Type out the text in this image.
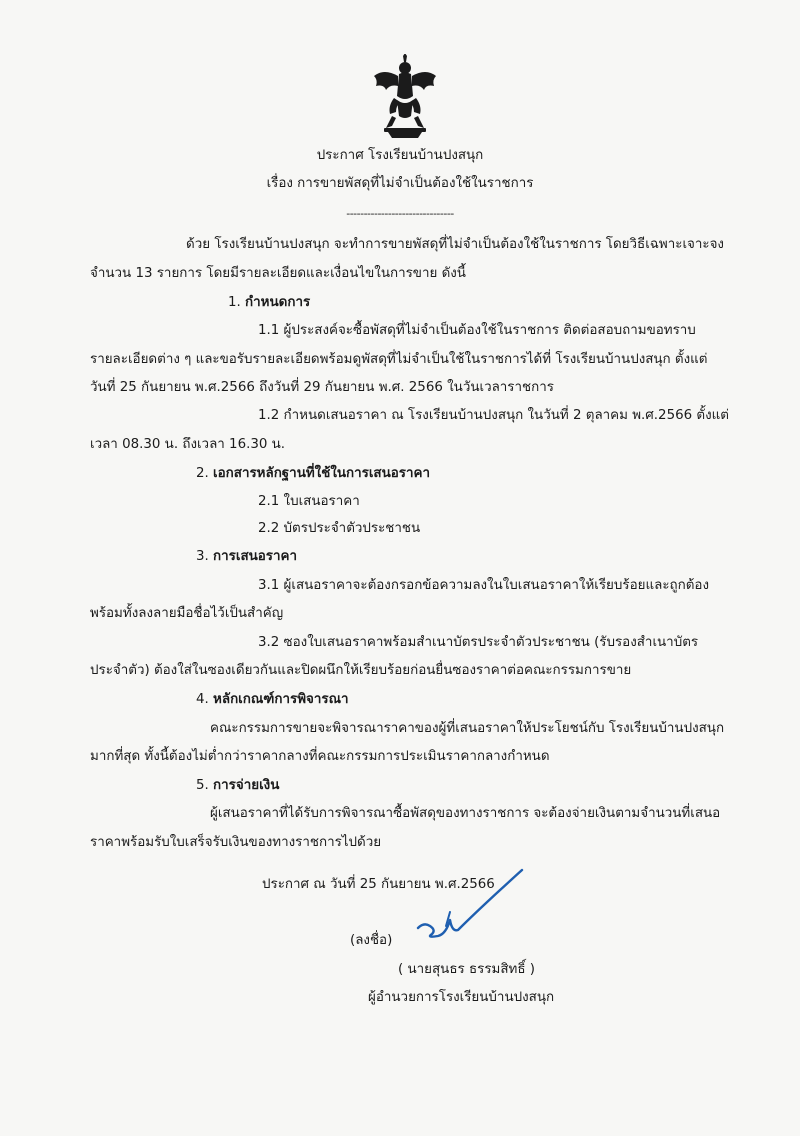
ประกาศ โรงเรียนบ้านปงสนุก
เรื่อง การขายพัสดุที่ไม่จำเป็นต้องใช้ในราชการ
-------------------------------
ด้วย โรงเรียนบ้านปงสนุก จะทำการขายพัสดุที่ไม่จำเป็นต้องใช้ในราชการ โดยวิธีเฉพาะเจาะจง
จำนวน 13 รายการ โดยมีรายละเอียดและเงื่อนไขในการขาย ดังนี้
1. กำหนดการ
1.1 ผู้ประสงค์จะซื้อพัสดุที่ไม่จำเป็นต้องใช้ในราชการ ติดต่อสอบถามขอทราบ
รายละเอียดต่าง ๆ และขอรับรายละเอียดพร้อมดูพัสดุที่ไม่จำเป็นใช้ในราชการได้ที่ โรงเรียนบ้านปงสนุก ตั้งแต่
วันที่ 25 กันยายน พ.ศ.2566 ถึงวันที่ 29 กันยายน พ.ศ. 2566 ในวันเวลาราชการ
1.2 กำหนดเสนอราคา ณ โรงเรียนบ้านปงสนุก ในวันที่ 2 ตุลาคม พ.ศ.2566 ตั้งแต่
เวลา 08.30 น. ถึงเวลา 16.30 น.
2. เอกสารหลักฐานที่ใช้ในการเสนอราคา
2.1 ใบเสนอราคา
2.2 บัตรประจำตัวประชาชน
3. การเสนอราคา
3.1 ผู้เสนอราคาจะต้องกรอกข้อความลงในใบเสนอราคาให้เรียบร้อยและถูกต้อง
พร้อมทั้งลงลายมือชื่อไว้เป็นสำคัญ
3.2 ซองใบเสนอราคาพร้อมสำเนาบัตรประจำตัวประชาชน (รับรองสำเนาบัตร
ประจำตัว) ต้องใส่ในซองเดียวกันและปิดผนึกให้เรียบร้อยก่อนยื่นซองราคาต่อคณะกรรมการขาย
4. หลักเกณฑ์การพิจารณา
คณะกรรมการขายจะพิจารณาราคาของผู้ที่เสนอราคาให้ประโยชน์กับ โรงเรียนบ้านปงสนุก
มากที่สุด ทั้งนี้ต้องไม่ต่ำกว่าราคากลางที่คณะกรรมการประเมินราคากลางกำหนด
5. การจ่ายเงิน
ผู้เสนอราคาที่ได้รับการพิจารณาซื้อพัสดุของทางราชการ จะต้องจ่ายเงินตามจำนวนที่เสนอ
ราคาพร้อมรับใบเสร็จรับเงินของทางราชการไปด้วย
ประกาศ ณ วันที่ 25 กันยายน พ.ศ.2566
(ลงชื่อ)
( นายสุนธร ธรรมสิทธิ์ )
ผู้อำนวยการโรงเรียนบ้านปงสนุก
